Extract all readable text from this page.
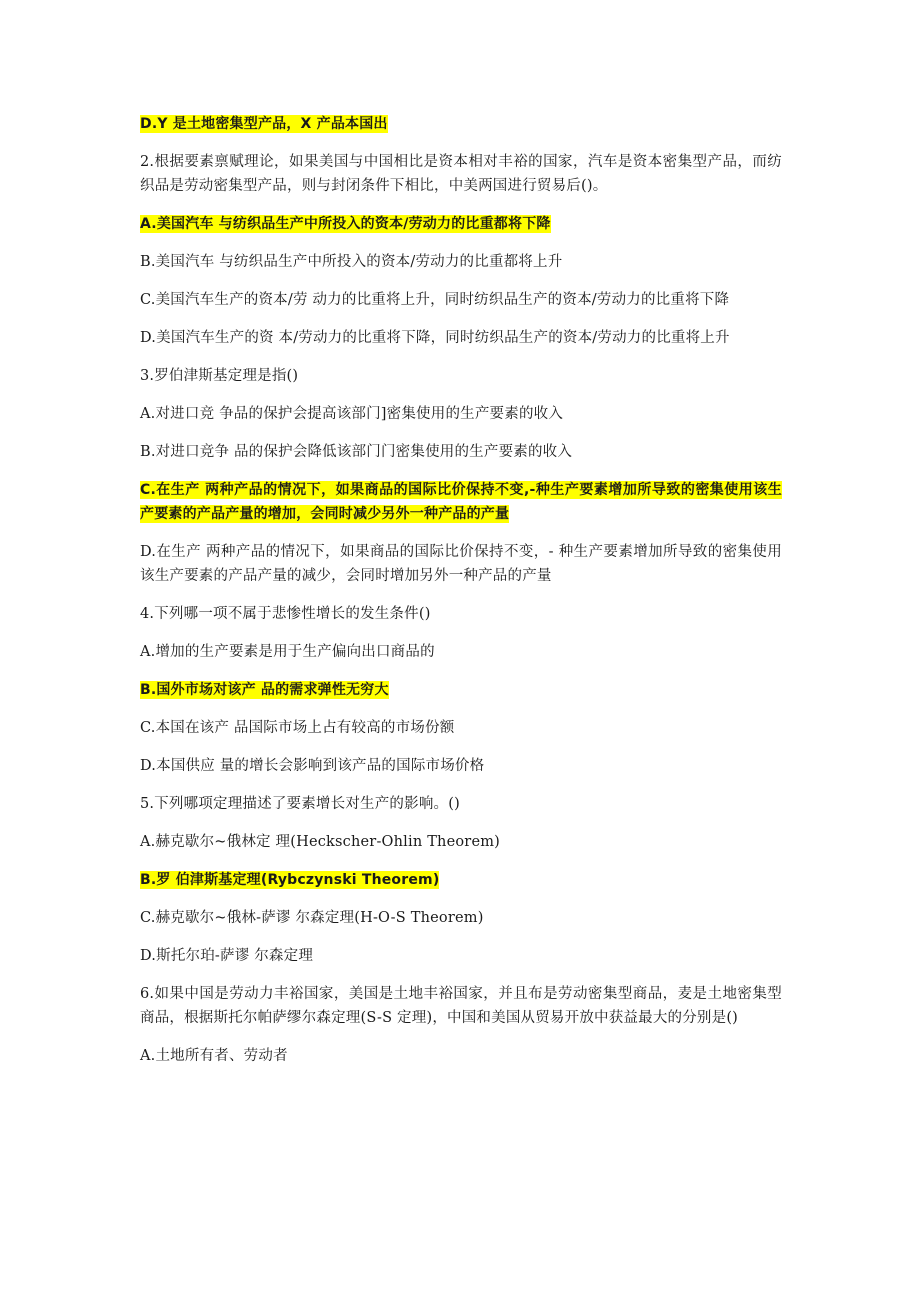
D.Y 是土地密集型产品，X 产品本国出

2.根据要素禀赋理论，如果美国与中国相比是资本相对丰裕的国家，汽车是资本密集型产品，而纺织品是劳动密集型产品，则与封闭条件下相比，中美两国进行贸易后()。

A.美国汽车 与纺织品生产中所投入的资本/劳动力的比重都将下降

B.美国汽车 与纺织品生产中所投入的资本/劳动力的比重都将上升

C.美国汽车生产的资本/劳 动力的比重将上升，同时纺织品生产的资本/劳动力的比重将下降

D.美国汽车生产的资 本/劳动力的比重将下降，同时纺织品生产的资本/劳动力的比重将上升

3.罗伯津斯基定理是指()

A.对进口竞 争品的保护会提高该部门]密集使用的生产要素的收入

B.对进口竞争 品的保护会降低该部门门密集使用的生产要素的收入

C.在生产 两种产品的情况下，如果商品的国际比价保持不变,-种生产要素增加所导致的密集使用该生产要素的产品产量的增加，会同时减少另外一种产品的产量

D.在生产 两种产品的情况下，如果商品的国际比价保持不变，- 种生产要素增加所导致的密集使用该生产要素的产品产量的减少，会同时增加另外一种产品的产量

4.下列哪一项不属于悲惨性增长的发生条件()

A.增加的生产要素是用于生产偏向出口商品的

B.国外市场对该产 品的需求弹性无穷大

C.本国在该产 品国际市场上占有较高的市场份额

D.本国供应 量的增长会影响到该产品的国际市场价格

5.下列哪项定理描述了要素增长对生产的影响。()

A.赫克歇尔~俄林定 理(Heckscher-Ohlin Theorem)

B.罗 伯津斯基定理(Rybczynski Theorem)

C.赫克歇尔~俄林-萨谬 尔森定理(H-O-S Theorem)

D.斯托尔珀-萨谬 尔森定理

6.如果中国是劳动力丰裕国家，美国是土地丰裕国家，并且布是劳动密集型商品，麦是土地密集型商品，根据斯托尔帕萨缪尔森定理(S-S 定理)，中国和美国从贸易开放中获益最大的分别是()

A.土地所有者、劳动者
